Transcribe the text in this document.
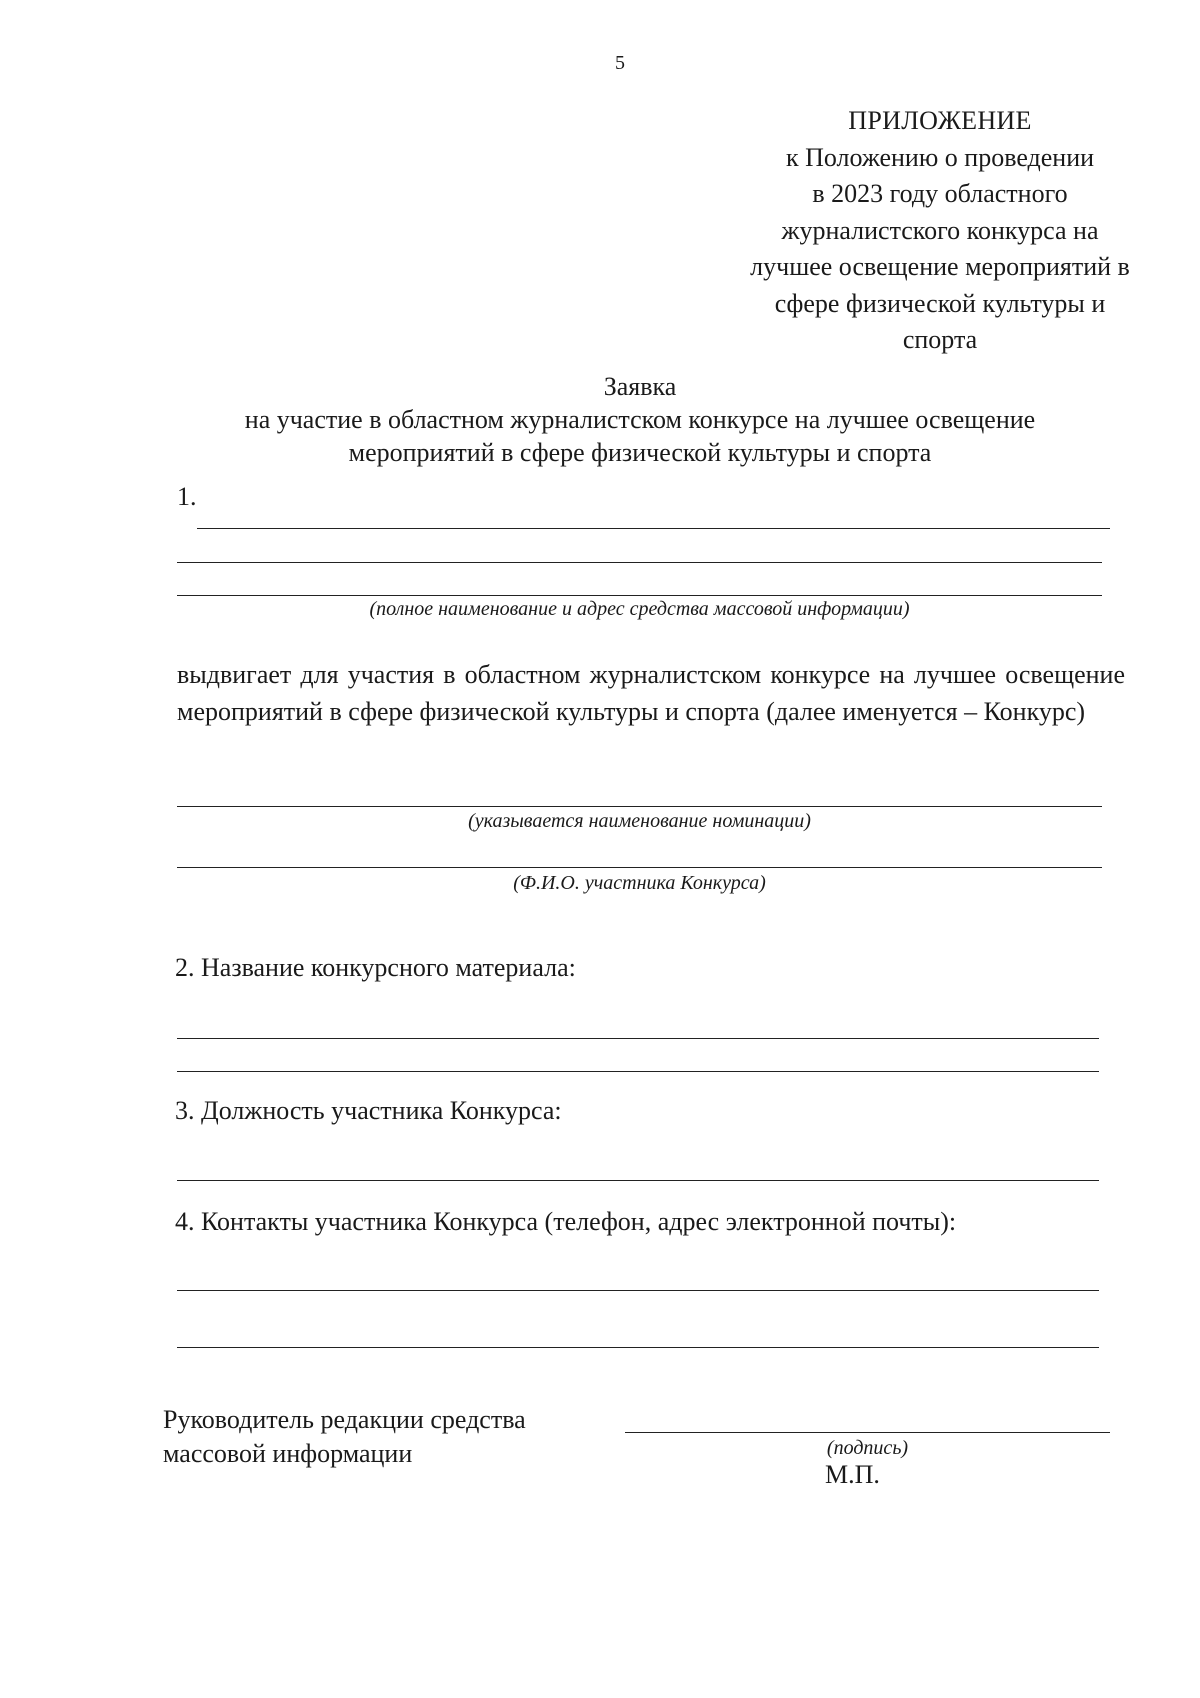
5
ПРИЛОЖЕНИЕ
к Положению о проведении
в 2023 году областного
журналистского конкурса на
лучшее освещение мероприятий в
сфере физической культуры и
спорта
Заявка
на участие в областном журналистском конкурсе на лучшее освещение
мероприятий в сфере физической культуры и спорта
1.
(полное наименование и адрес средства массовой информации)
выдвигает для участия в областном журналистском конкурсе на лучшее освещение мероприятий в сфере физической культуры и спорта (далее именуется – Конкурс)
(указывается наименование номинации)
(Ф.И.О. участника Конкурса)
2. Название конкурсного материала:
3. Должность участника Конкурса:
4. Контакты участника Конкурса (телефон, адрес электронной почты):
Руководитель редакции средства
массовой информации	(подпись)
М.П.
